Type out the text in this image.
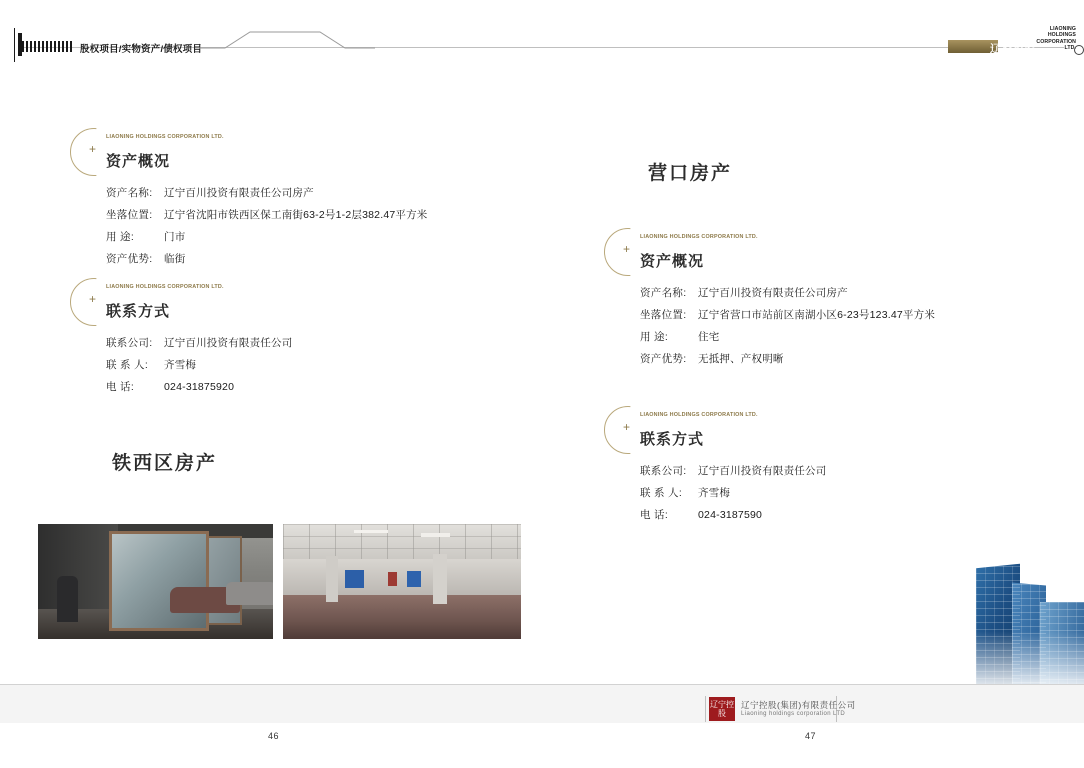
股权项目/实物资产/债权项目	辽投控股
LIAONING HOLDINGS CORPORATION LTD.
+
LIAONING HOLDINGS CORPORATION LTD.
资产概况
资产名称:	辽宁百川投资有限责任公司房产
坐落位置:	辽宁省沈阳市铁西区保工南街63-2号1-2层382.47平方米
用 途:	门市
资产优势:	临街
+
LIAONING HOLDINGS CORPORATION LTD.
联系方式
联系公司:	辽宁百川投资有限责任公司
联 系 人:	齐雪梅
电 话:	024-31875920
铁西区房产
营口房产
+
LIAONING HOLDINGS CORPORATION LTD.
资产概况
资产名称:	辽宁百川投资有限责任公司房产
坐落位置:	辽宁省营口市站前区南湖小区6-23号123.47平方米
用 途:	住宅
资产优势:	无抵押、产权明晰
+
LIAONING HOLDINGS CORPORATION LTD.
联系方式
联系公司:	辽宁百川投资有限责任公司
联 系 人:	齐雪梅
电 话:	024-3187590
辽宁控股
辽宁控股(集团)有限责任公司
Liaoning holdings corporation LTD
46	47
